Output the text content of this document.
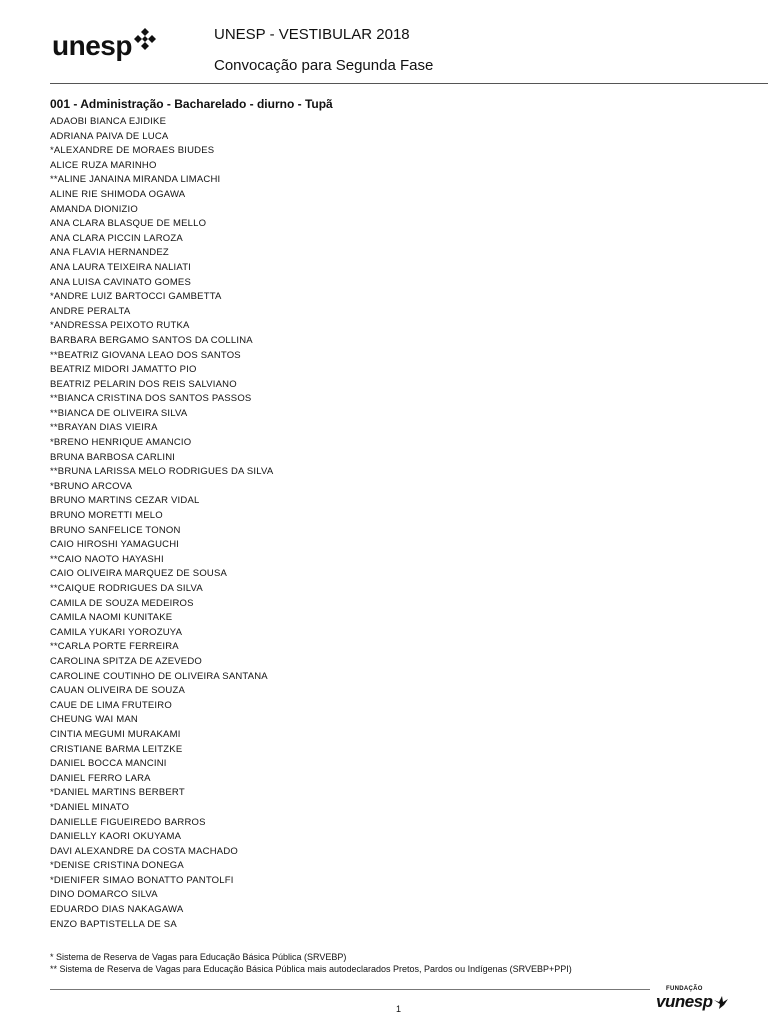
unesp	UNESP - VESTIBULAR 2018
Convocação para Segunda Fase
001 - Administração - Bacharelado - diurno - Tupã
ADAOBI BIANCA EJIDIKE
ADRIANA PAIVA DE LUCA
*ALEXANDRE DE MORAES BIUDES
ALICE RUZA MARINHO
**ALINE JANAINA MIRANDA LIMACHI
ALINE RIE SHIMODA OGAWA
AMANDA DIONIZIO
ANA CLARA BLASQUE DE MELLO
ANA CLARA PICCIN LAROZA
ANA FLAVIA HERNANDEZ
ANA LAURA TEIXEIRA NALIATI
ANA LUISA CAVINATO GOMES
*ANDRE LUIZ BARTOCCI GAMBETTA
ANDRE PERALTA
*ANDRESSA PEIXOTO RUTKA
BARBARA BERGAMO SANTOS DA COLLINA
**BEATRIZ GIOVANA LEAO DOS SANTOS
BEATRIZ MIDORI JAMATTO PIO
BEATRIZ PELARIN DOS REIS SALVIANO
**BIANCA CRISTINA DOS SANTOS PASSOS
**BIANCA DE OLIVEIRA SILVA
**BRAYAN DIAS VIEIRA
*BRENO HENRIQUE AMANCIO
BRUNA BARBOSA CARLINI
**BRUNA LARISSA MELO RODRIGUES DA SILVA
*BRUNO ARCOVA
BRUNO MARTINS CEZAR VIDAL
BRUNO MORETTI MELO
BRUNO SANFELICE TONON
CAIO HIROSHI YAMAGUCHI
**CAIO NAOTO HAYASHI
CAIO OLIVEIRA MARQUEZ DE SOUSA
**CAIQUE RODRIGUES DA SILVA
CAMILA DE SOUZA MEDEIROS
CAMILA NAOMI KUNITAKE
CAMILA YUKARI YOROZUYA
**CARLA PORTE FERREIRA
CAROLINA SPITZA DE AZEVEDO
CAROLINE COUTINHO DE OLIVEIRA SANTANA
CAUAN OLIVEIRA DE SOUZA
CAUE DE LIMA FRUTEIRO
CHEUNG WAI MAN
CINTIA MEGUMI MURAKAMI
CRISTIANE BARMA LEITZKE
DANIEL BOCCA MANCINI
DANIEL FERRO LARA
*DANIEL MARTINS BERBERT
*DANIEL MINATO
DANIELLE FIGUEIREDO BARROS
DANIELLY KAORI OKUYAMA
DAVI ALEXANDRE DA COSTA MACHADO
*DENISE CRISTINA DONEGA
*DIENIFER SIMAO BONATTO PANTOLFI
DINO DOMARCO SILVA
EDUARDO DIAS NAKAGAWA
ENZO BAPTISTELLA DE SA
* Sistema de Reserva de Vagas para Educação Básica Pública (SRVEBP)
** Sistema de Reserva de Vagas para Educação Básica Pública mais autodeclarados Pretos, Pardos ou Indígenas (SRVEBP+PPI)
1
FUNDAÇÃO
vunesp
